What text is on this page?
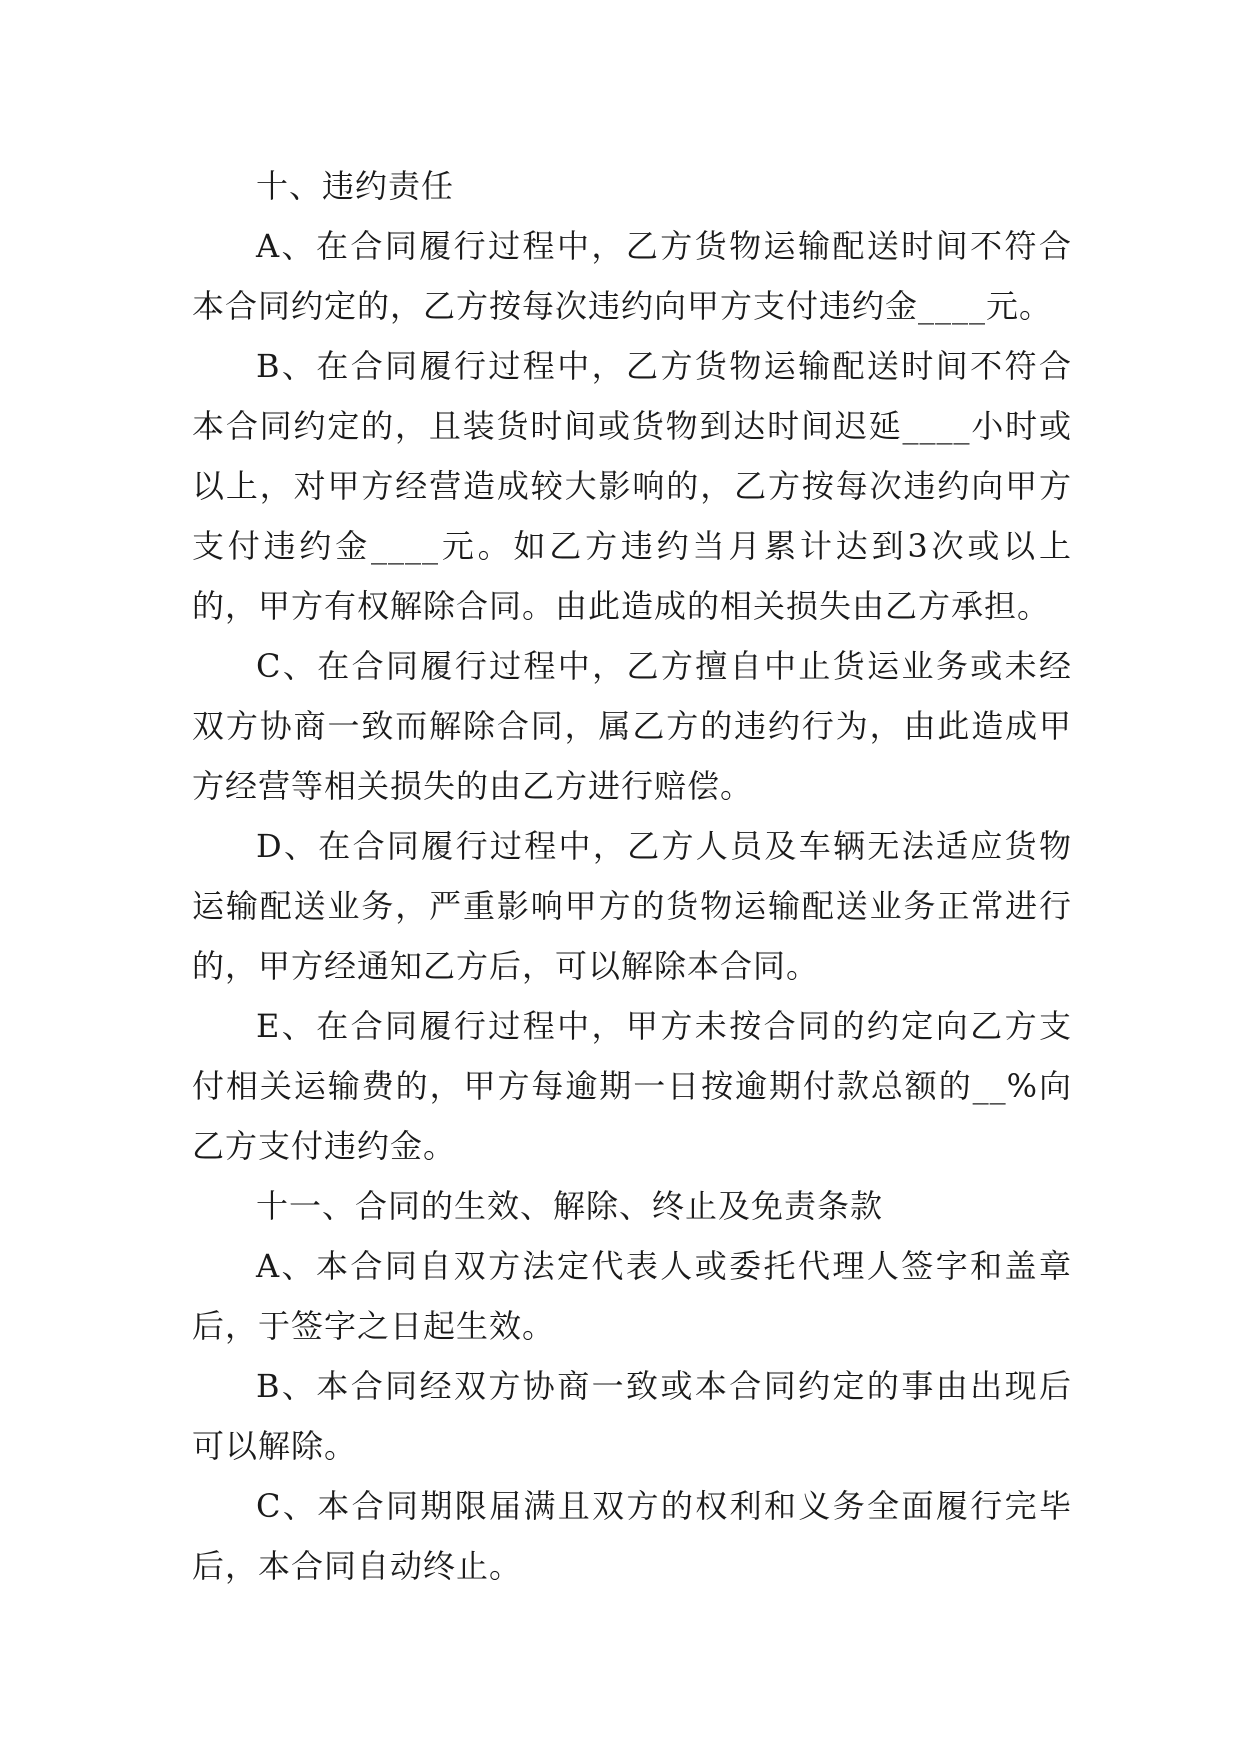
十、违约责任

A、在合同履行过程中，乙方货物运输配送时间不符合本合同约定的，乙方按每次违约向甲方支付违约金____元。

B、在合同履行过程中，乙方货物运输配送时间不符合本合同约定的，且装货时间或货物到达时间迟延____小时或以上，对甲方经营造成较大影响的，乙方按每次违约向甲方支付违约金____元。如乙方违约当月累计达到3次或以上的，甲方有权解除合同。由此造成的相关损失由乙方承担。

C、在合同履行过程中，乙方擅自中止货运业务或未经双方协商一致而解除合同，属乙方的违约行为，由此造成甲方经营等相关损失的由乙方进行赔偿。

D、在合同履行过程中，乙方人员及车辆无法适应货物运输配送业务，严重影响甲方的货物运输配送业务正常进行的，甲方经通知乙方后，可以解除本合同。

E、在合同履行过程中，甲方未按合同的约定向乙方支付相关运输费的，甲方每逾期一日按逾期付款总额的__%向乙方支付违约金。

十一、合同的生效、解除、终止及免责条款

A、本合同自双方法定代表人或委托代理人签字和盖章后，于签字之日起生效。

B、本合同经双方协商一致或本合同约定的事由出现后可以解除。

C、本合同期限届满且双方的权利和义务全面履行完毕后，本合同自动终止。
